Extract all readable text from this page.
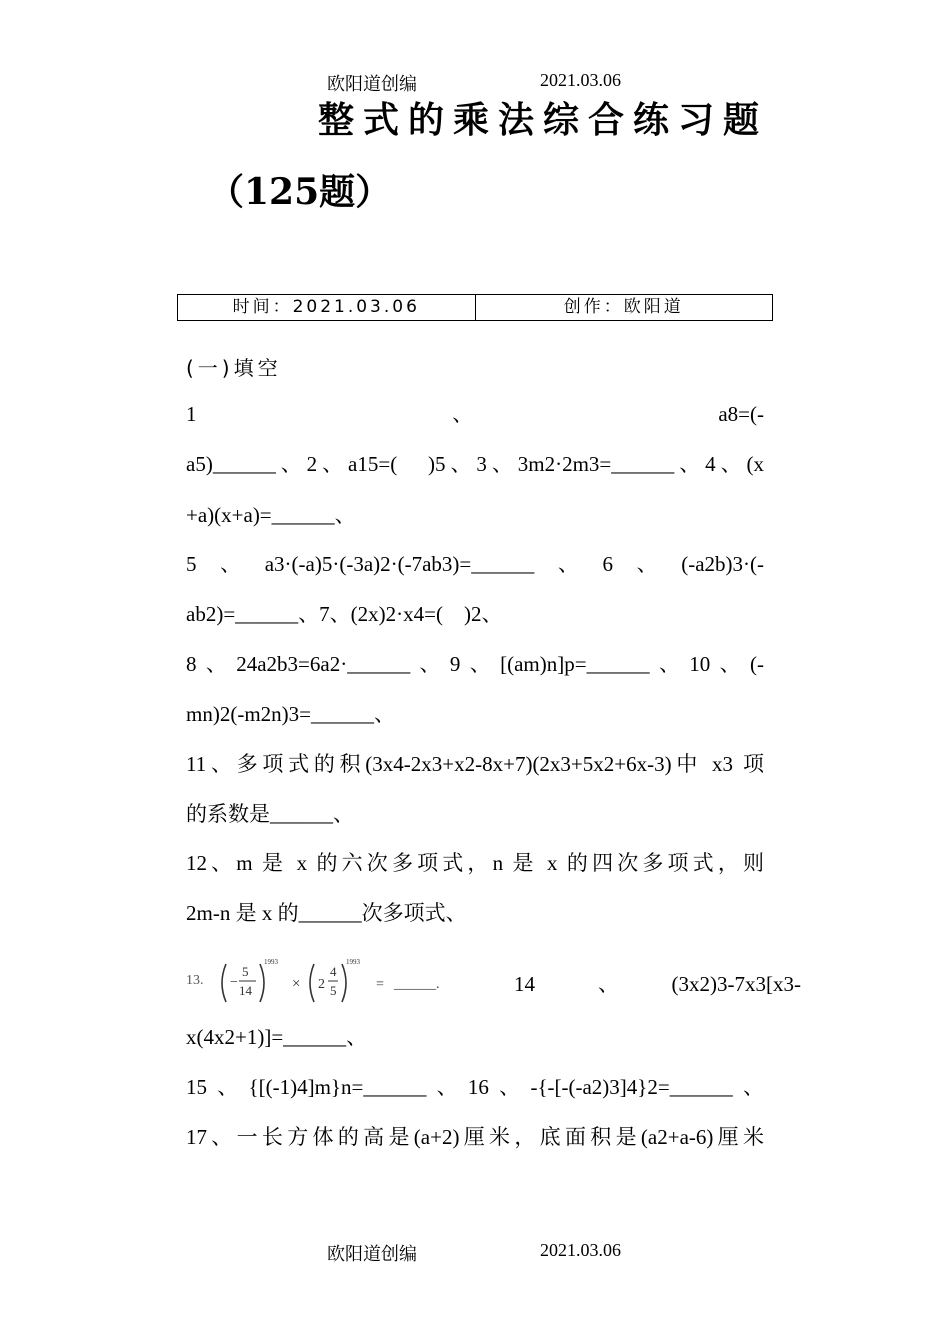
欧阳道创编	2021.03.06
整式的乘法综合练习题
（125题）
时间：2021.03.06	创作：欧阳道
(一)填空
1　　　　　　　　　　、　　　　　　　　　　a8=(-
a5)______、2、a15=(　)5、3、3m2·2m3=______、4、(x
+a)(x+a)=______、
5、a3·(-a)5·(-3a)2·(-7ab3)=______、6、(-a2b)3·(-
ab2)=______、7、(2x)2·x4=(　)2、
8、24a2b3=6a2·______、9、[(am)n]p=______、10、(-
mn)2(-m2n)3=______、
11、多项式的积(3x4-2x3+x2-8x+7)(2x3+5x2+6x-3)中 x3 项
的系数是______、
12、m 是 x 的六次多项式，n 是 x 的四次多项式，则
2m-n 是 x 的______次多项式、
13. −
5
14
1993
× 2
4
5
1993
= ______.	14　　　、　　　(3x2)3-7x3[x3-
x(4x2+1)]=______、
15、{[(-1)4]m}n=______、16、-{-[-(-a2)3]4}2=______、
17、一长方体的高是(a+2)厘米，底面积是(a2+a-6)厘米
欧阳道创编	2021.03.06
